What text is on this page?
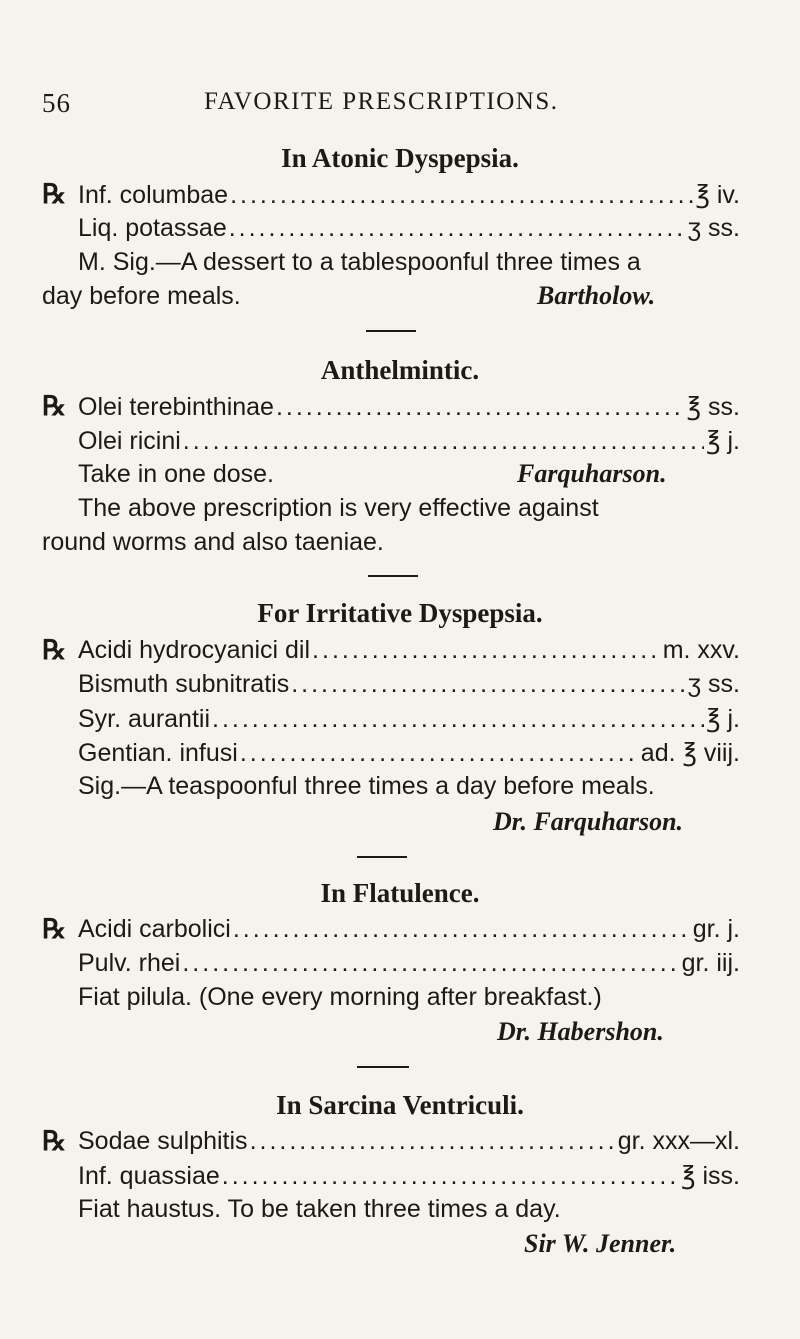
56	FAVORITE PRESCRIPTIONS.
In Atonic Dyspepsia.
℞ Inf. columbae .....	℥ iv.
Liq. potassae .....	ʒ ss.
M. Sig.—A dessert to a tablespoonful three times a
day before meals.	Bartholow.
Anthelmintic.
℞ Olei terebinthinae .....	℥ ss.
Olei ricini .....	℥ j.
Take in one dose.	Farquharson.
The above prescription is very effective against
round worms and also taeniae.
For Irritative Dyspepsia.
℞ Acidi hydrocyanici dil .....	m. xxv.
Bismuth subnitratis .....	ʒ ss.
Syr. aurantii .....	℥ j.
Gentian. infusi .....	ad. ℥ viij.
Sig.—A teaspoonful three times a day before meals.
Dr. Farquharson.
In Flatulence.
℞ Acidi carbolici .....	gr. j.
Pulv. rhei .....	gr. iij.
Fiat pilula. (One every morning after breakfast.)
Dr. Habershon.
In Sarcina Ventriculi.
℞ Sodae sulphitis .....	gr. xxx—xl.
Inf. quassiae .....	℥ iss.
Fiat haustus. To be taken three times a day.
Sir W. Jenner.
